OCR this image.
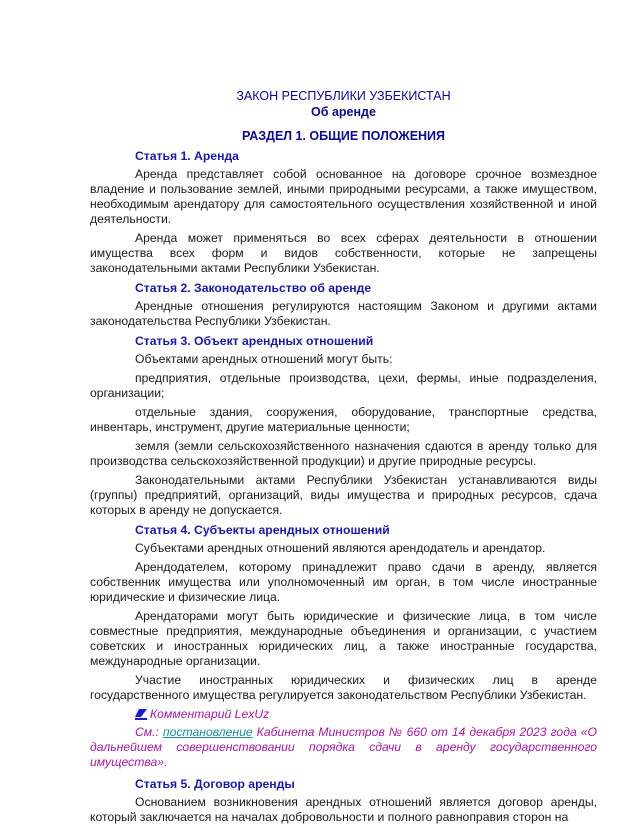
ЗАКОН РЕСПУБЛИКИ УЗБЕКИСТАН
Об аренде
РАЗДЕЛ 1. ОБЩИЕ ПОЛОЖЕНИЯ
Статья 1. Аренда

Аренда представляет собой основанное на договоре срочное возмездное владение и пользование землей, иными природными ресурсами, а также имуществом, необходимым арендатору для самостоятельного осуществления хозяйственной и иной деятельности.

Аренда может применяться во всех сферах деятельности в отношении имущества всех форм и видов собственности, которые не запрещены законодательными актами Республики Узбекистан.

Статья 2. Законодательство об аренде

Арендные отношения регулируются настоящим Законом и другими актами законодательства Республики Узбекистан.

Статья 3. Объект арендных отношений

Объектами арендных отношений могут быть:

предприятия, отдельные производства, цехи, фермы, иные подразделения, организации;

отдельные здания, сооружения, оборудование, транспортные средства, инвентарь, инструмент, другие материальные ценности;

земля (земли сельскохозяйственного назначения сдаются в аренду только для производства сельскохозяйственной продукции) и другие природные ресурсы.

Законодательными актами Республики Узбекистан устанавливаются виды (группы) предприятий, организаций, виды имущества и природных ресурсов, сдача которых в аренду не допускается.

Статья 4. Субъекты арендных отношений

Субъектами арендных отношений являются арендодатель и арендатор.

Арендодателем, которому принадлежит право сдачи в аренду, является собственник имущества или уполномоченный им орган, в том числе иностранные юридические и физические лица.

Арендаторами могут быть юридические и физические лица, в том числе совместные предприятия, международные объединения и организации, с участием советских и иностранных юридических лиц, а также иностранные государства, международные организации.

Участие иностранных юридических и физических лиц в аренде государственного имущества регулируется законодательством Республики Узбекистан.

Комментарий LexUz

См.: постановление Кабинета Министров № 660 от 14 декабря 2023 года «О дальнейшем совершенствовании порядка сдачи в аренду государственного имущества».

Статья 5. Договор аренды

Основанием возникновения арендных отношений является договор аренды, который заключается на началах добровольности и полного равноправия сторон на
